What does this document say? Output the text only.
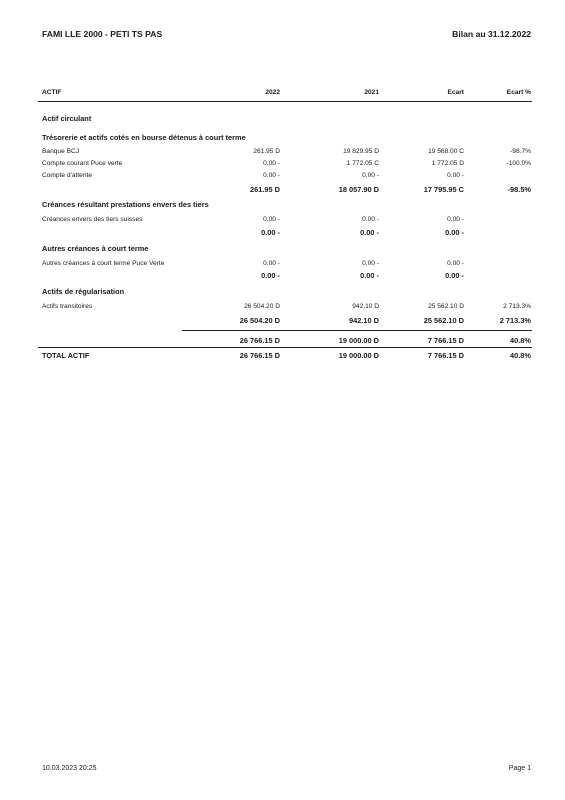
FAMI LLE 2000 - PETI TS PAS	Bilan au 31.12.2022
ACTIF	2022	2021	Ecart	Ecart %
Actif circulant
Trésorerie et actifs cotés en bourse détenus à court terme
Banque BCJ	261.95 D	19 829.95 D	19 568.00 C	-98.7%
Compte courant Puce verte	0.00 -	1 772.05 C	1 772.05 D	-100.0%
Compte d'attente	0.00 -	0.00 -	0.00 -
261.95 D	18 057.90 D	17 795.95 C	-98.5%
Créances résultant prestations envers des tiers
Créances envers des tiers suisses	0.00 -	0.00 -	0.00 -
0.00 -	0.00 -	0.00 -
Autres créances à court terme
Autres créances à court terme Puce Verte	0.00 -	0.00 -	0.00 -
0.00 -	0.00 -	0.00 -
Actifs de régularisation
Actifs transitoires	26 504.20 D	942.10 D	25 562.10 D	2 713.3%
26 504.20 D	942.10 D	25 562.10 D	2 713.3%
26 766.15 D	19 000.00 D	7 766.15 D	40.8%
TOTAL ACTIF	26 766.15 D	19 000.00 D	7 766.15 D	40.8%
10.03.2023 20:25	Page 1
